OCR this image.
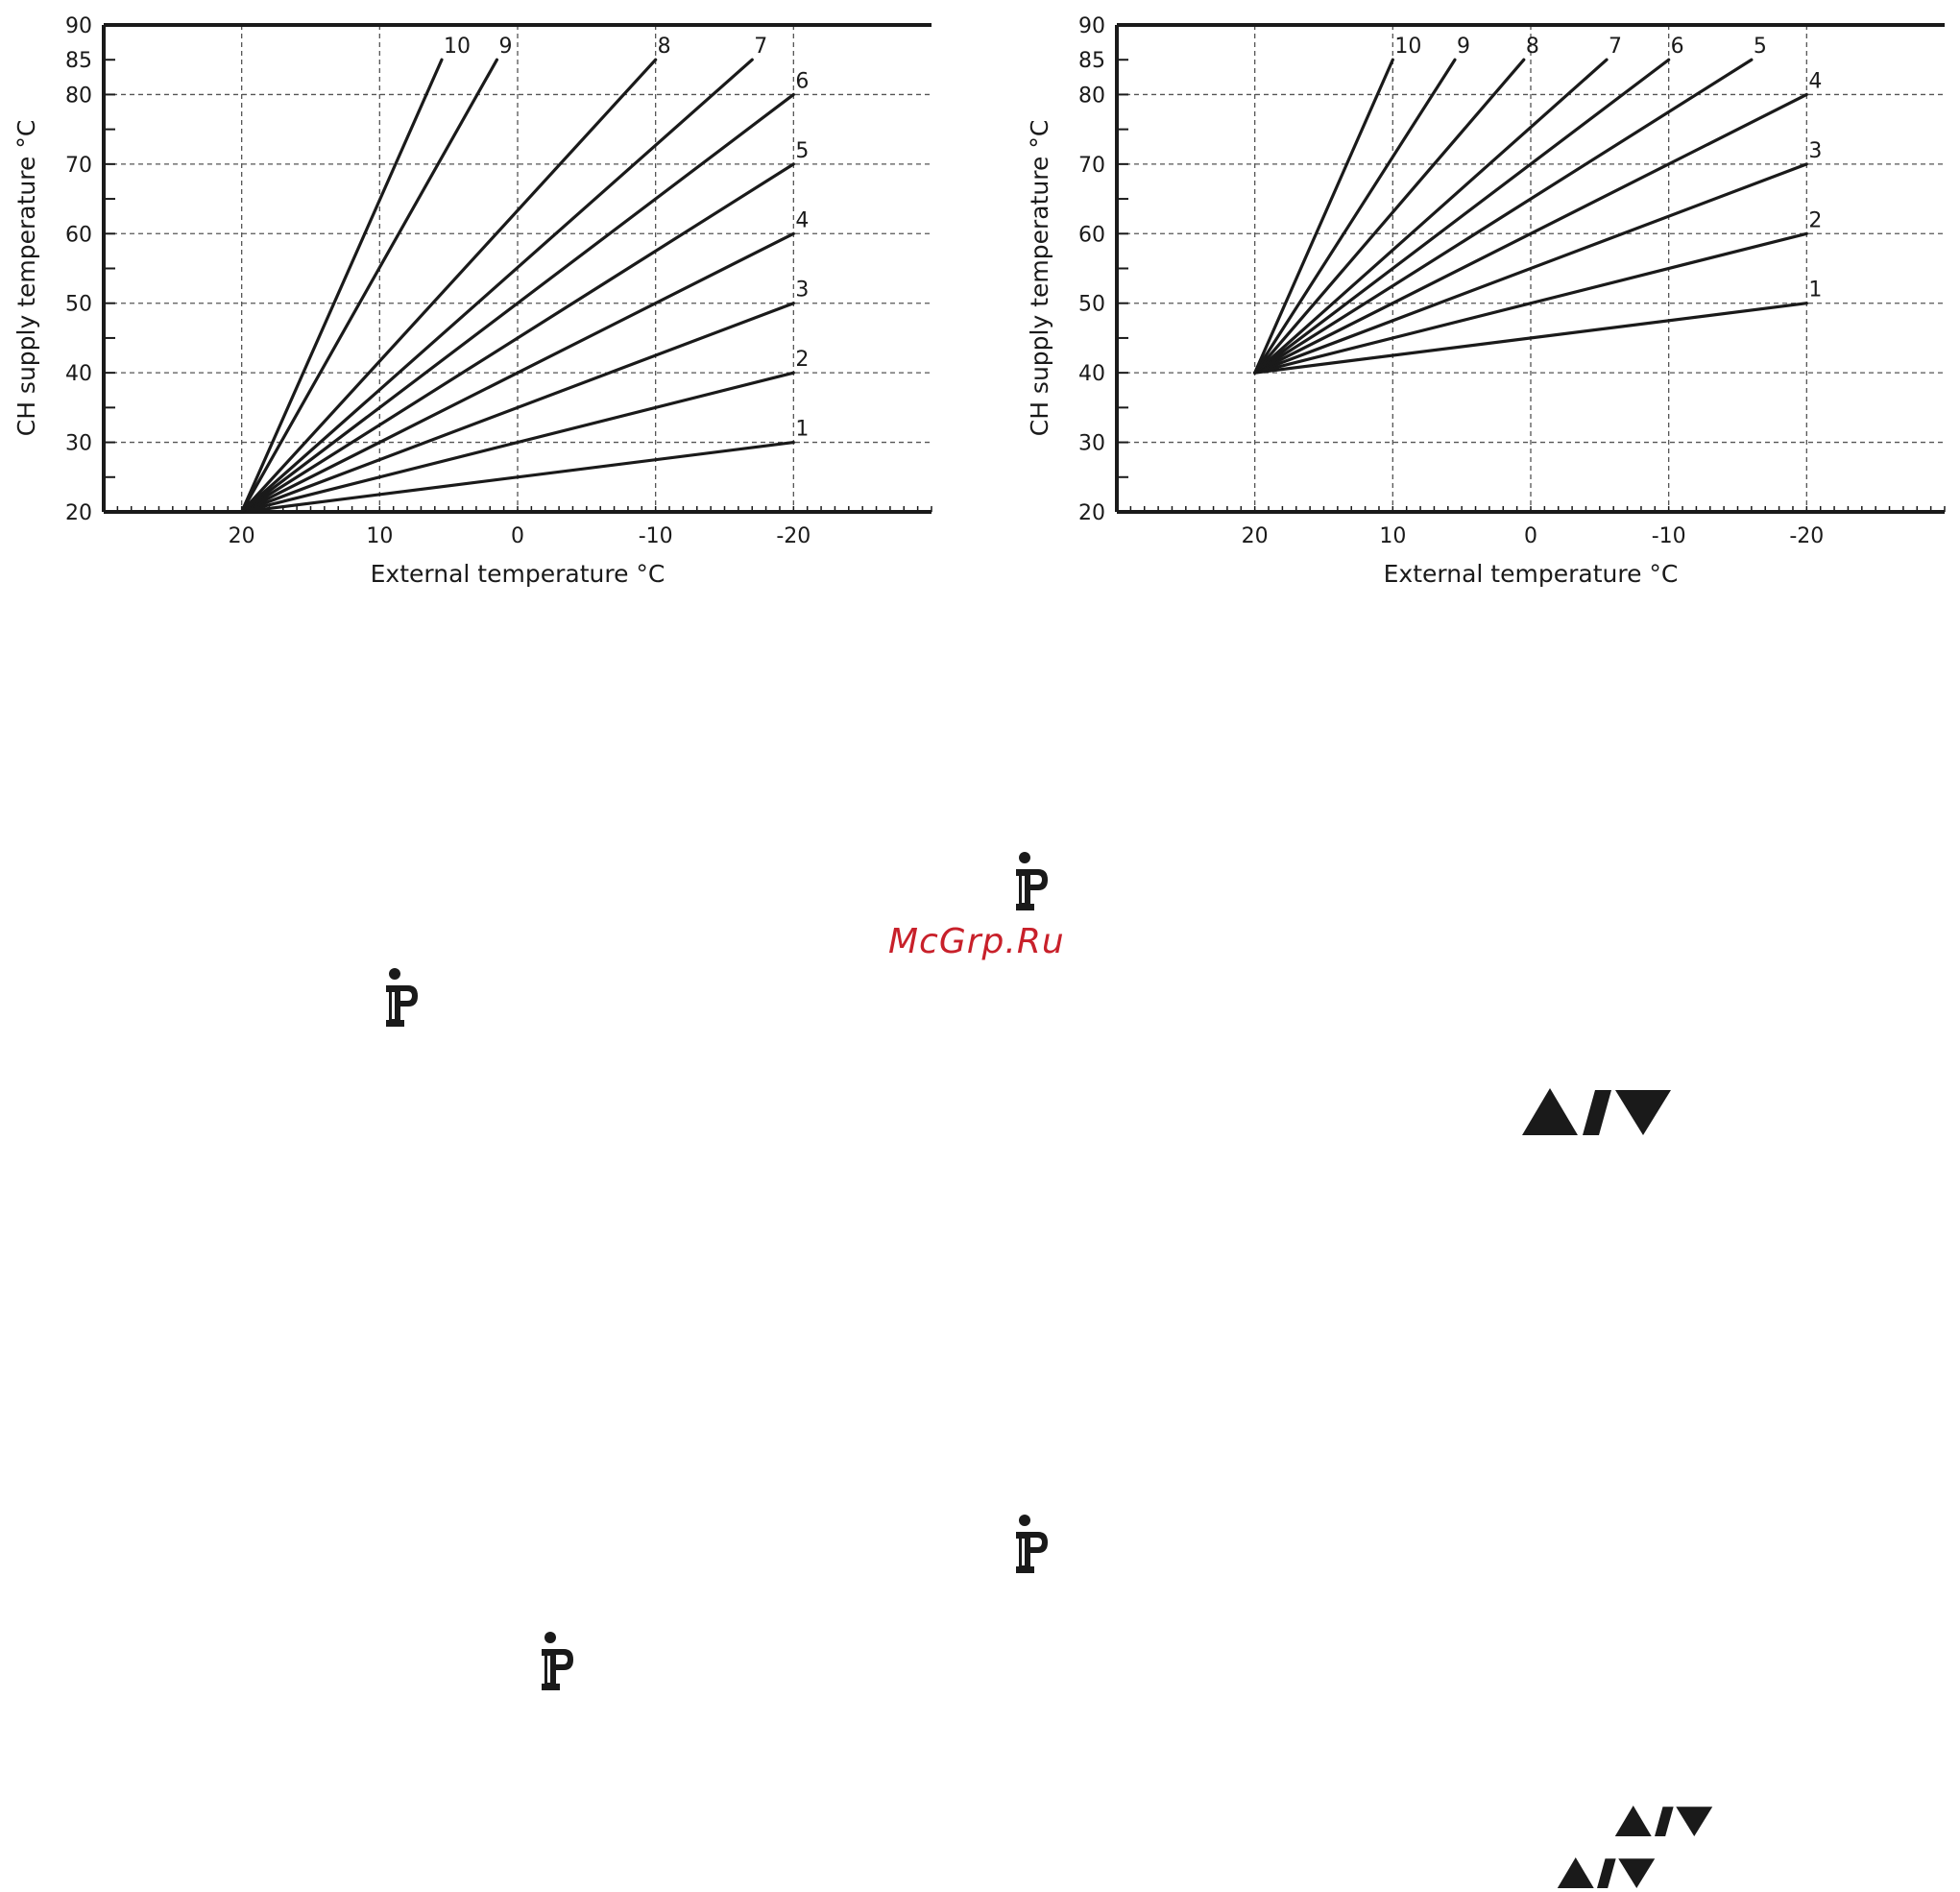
20	10	0	-10	-20
20
30
40
50
60
70
80
85
90
1
2
3
4
5
6
7
8
9
10
External temperature °C
CH supply temperature °C
20	10	0	-10	-20
20
30
40
50
60
70
80
85
90
1
2
3
4
5
6
7
8
9
10
External temperature °C
CH supply temperature °C
McGrp.Ru
